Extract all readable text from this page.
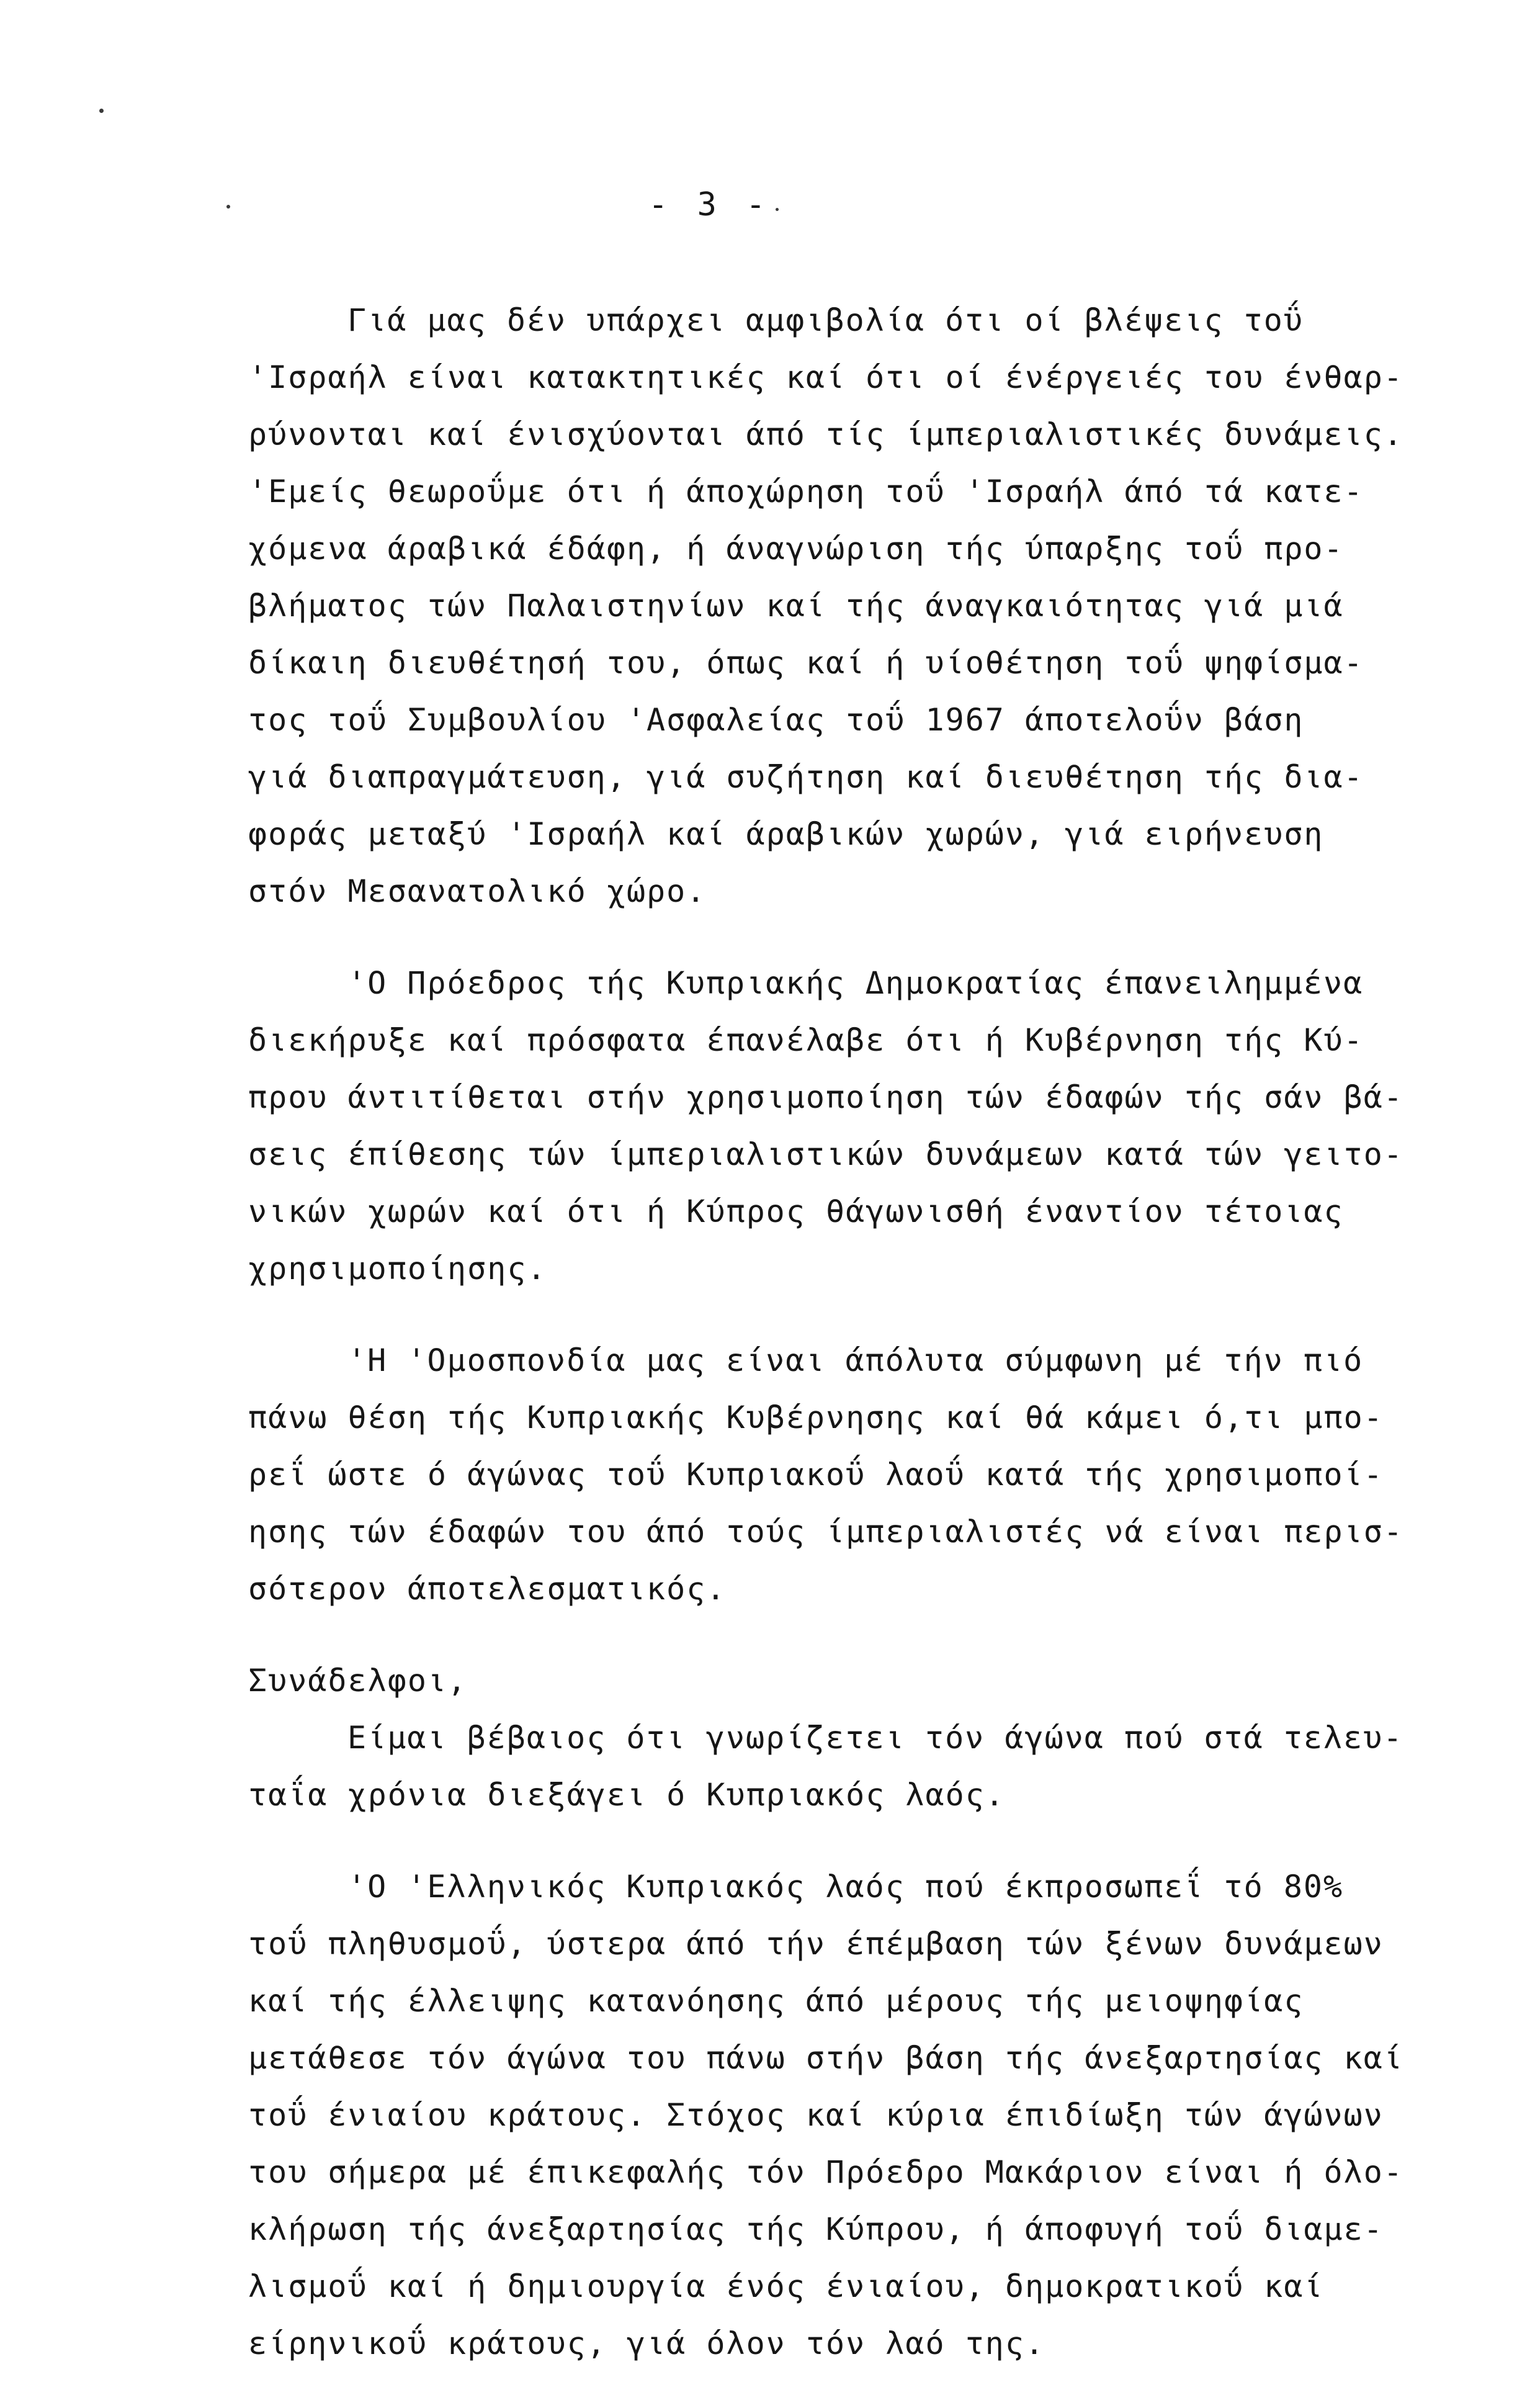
- 3 -
Γιά μας δέν υπάρχει αμφιβολία ότι οί βλέψεις τοΰ
'Ισραήλ είναι κατακτητικές καί ότι οί ένέργειές του ένθαρ-
ρύνονται καί ένισχύονται άπό τίς ίμπεριαλιστικές δυνάμεις.
'Εμείς θεωροΰμε ότι ή άποχώρηση τοΰ 'Ισραήλ άπό τά κατε-
χόμενα άραβικά έδάφη, ή άναγνώριση τής ύπαρξης τοΰ προ-
βλήματος τών Παλαιστηνίων καί τής άναγκαιότητας γιά μιά
δίκαιη διευθέτησή του, όπως καί ή υίοθέτηση τοΰ ψηφίσμα-
τος τοΰ Συμβουλίου 'Ασφαλείας τοΰ 1967 άποτελοΰν βάση
γιά διαπραγμάτευση, γιά συζήτηση καί διευθέτηση τής δια-
φοράς μεταξύ 'Ισραήλ καί άραβικών χωρών, γιά ειρήνευση
στόν Μεσανατολικό χώρο.
'Ο Πρόεδρος τής Κυπριακής Δημοκρατίας έπανειλημμένα
διεκήρυξε καί πρόσφατα έπανέλαβε ότι ή Κυβέρνηση τής Κύ-
πρου άντιτίθεται στήν χρησιμοποίηση τών έδαφών τής σάν βά-
σεις έπίθεσης τών ίμπεριαλιστικών δυνάμεων κατά τών γειτο-
νικών χωρών καί ότι ή Κύπρος θάγωνισθή έναντίον τέτοιας
χρησιμοποίησης.
'Η 'Ομοσπονδία μας είναι άπόλυτα σύμφωνη μέ τήν πιό
πάνω θέση τής Κυπριακής Κυβέρνησης καί θά κάμει ό,τι μπο-
ρεΐ ώστε ό άγώνας τοΰ Κυπριακοΰ λαοΰ κατά τής χρησιμοποί-
ησης τών έδαφών του άπό τούς ίμπεριαλιστές νά είναι περισ-
σότερον άποτελεσματικός.
Συνάδελφοι,
Είμαι βέβαιος ότι γνωρίζετει τόν άγώνα πού στά τελευ-
ταΐα χρόνια διεξάγει ό Κυπριακός λαός.
'Ο 'Ελληνικός Κυπριακός λαός πού έκπροσωπεΐ τό 80%
τοΰ πληθυσμοΰ, ύστερα άπό τήν έπέμβαση τών ξένων δυνάμεων
καί τής έλλειψης κατανόησης άπό μέρους τής μειοψηφίας
μετάθεσε τόν άγώνα του πάνω στήν βάση τής άνεξαρτησίας καί
τοΰ ένιαίου κράτους. Στόχος καί κύρια έπιδίωξη τών άγώνων
του σήμερα μέ έπικεφαλής τόν Πρόεδρο Μακάριον είναι ή όλο-
κλήρωση τής άνεξαρτησίας τής Κύπρου, ή άποφυγή τοΰ διαμε-
λισμοΰ καί ή δημιουργία ένός ένιαίου, δημοκρατικοΰ καί
είρηνικοΰ κράτους, γιά όλον τόν λαό της.
